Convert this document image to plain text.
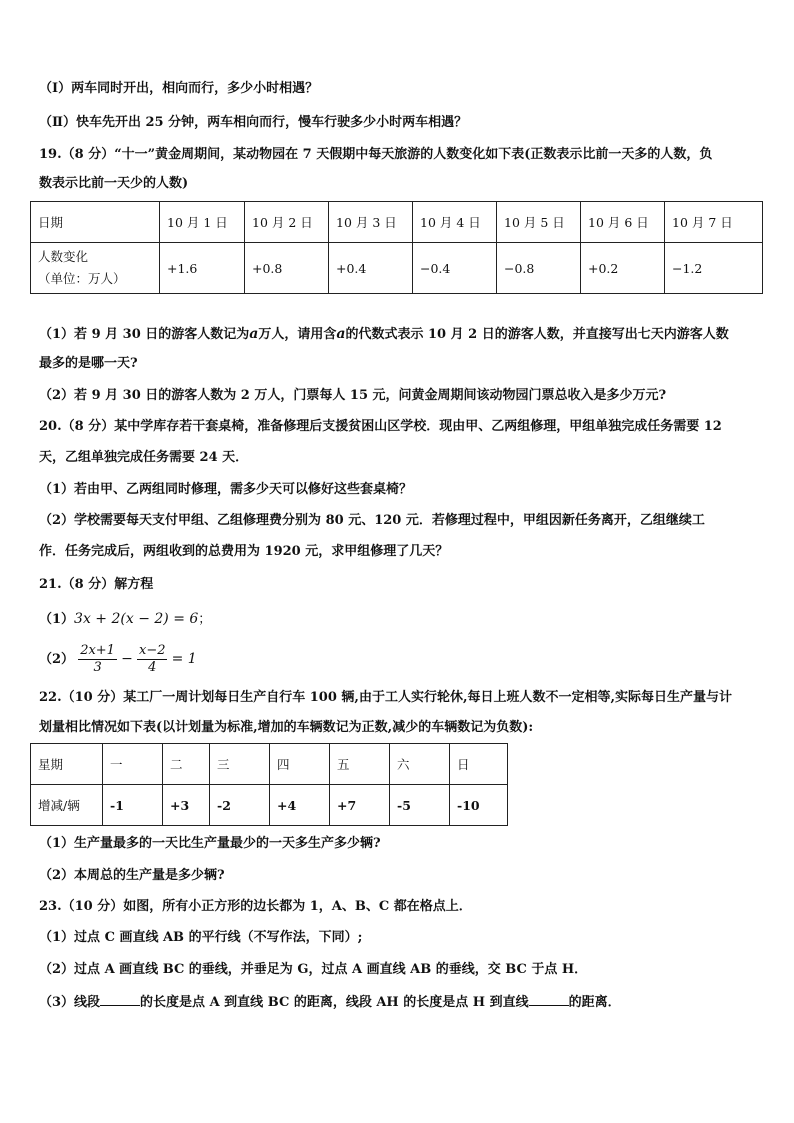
（Ⅰ）两车同时开出，相向而行，多少小时相遇？
（Ⅱ）快车先开出 25 分钟，两车相向而行，慢车行驶多少小时两车相遇？
19.（8 分）“十一”黄金周期间，某动物园在 7 天假期中每天旅游的人数变化如下表(正数表示比前一天多的人数，负
数表示比前一天少的人数)
日期	10 月 1 日	10 月 2 日	10 月 3 日	10 月 4 日	10 月 5 日	10 月 6 日	10 月 7 日
人数变化
（单位：万人）	+1.6	+0.8	+0.4	−0.4	−0.8	+0.2	−1.2
（1）若 9 月 30 日的游客人数记为a万人，请用含a的代数式表示 10 月 2 日的游客人数，并直接写出七天内游客人数
最多的是哪一天?
（2）若 9 月 30 日的游客人数为 2 万人，门票每人 15 元，问黄金周期间该动物园门票总收入是多少万元?
20.（8 分）某中学库存若干套桌椅，准备修理后支援贫困山区学校．现由甲、乙两组修理，甲组单独完成任务需要 12
天，乙组单独完成任务需要 24 天．
（1）若由甲、乙两组同时修理，需多少天可以修好这些套桌椅？
（2）学校需要每天支付甲组、乙组修理费分别为 80 元、120 元．若修理过程中，甲组因新任务离开，乙组继续工
作．任务完成后，两组收到的总费用为 1920 元，求甲组修理了几天？
21.（8 分）解方程
（1）3x + 2(x − 2) = 6；
$(2) \frac{2x+1}{3} - \frac{x-2}{4} = 1$
22.（10 分）某工厂一周计划每日生产自行车 100 辆,由于工人实行轮休,每日上班人数不一定相等,实际每日生产量与计
划量相比情况如下表(以计划量为标准,增加的车辆数记为正数,减少的车辆数记为负数):
星期	一	二	三	四	五	六	日
增减/辆	-1	+3	-2	+4	+7	-5	-10
（1）生产量最多的一天比生产量最少的一天多生产多少辆?
（2）本周总的生产量是多少辆?
23.（10 分）如图，所有小正方形的边长都为 1，A、B、C 都在格点上．
（1）过点 C 画直线 AB 的平行线（不写作法，下同）;
（2）过点 A 画直线 BC 的垂线，并垂足为 G，过点 A 画直线 AB 的垂线，交 BC 于点 H．
（3）线段	的长度是点 A 到直线 BC 的距离，线段 AH 的长度是点 H 到直线	的距离．
